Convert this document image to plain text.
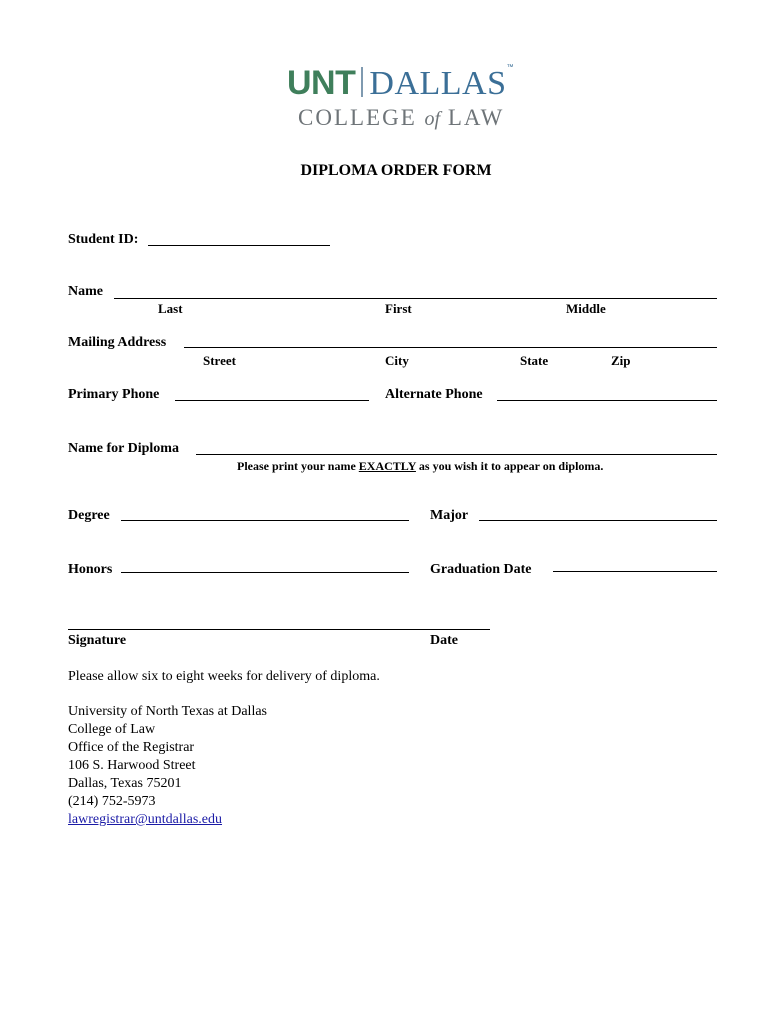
UNT DALLAS™
COLLEGE of LAW
DIPLOMA ORDER FORM
Student ID:
Name
Last	First	Middle
Mailing Address
Street	City	State	Zip
Primary Phone	Alternate Phone
Name for Diploma
Please print your name EXACTLY as you wish it to appear on diploma.
Degree	Major
Honors	Graduation Date
Signature	Date
Please allow six to eight weeks for delivery of diploma.
University of North Texas at Dallas
College of Law
Office of the Registrar
106 S. Harwood Street
Dallas, Texas 75201
(214) 752-5973
lawregistrar@untdallas.edu
